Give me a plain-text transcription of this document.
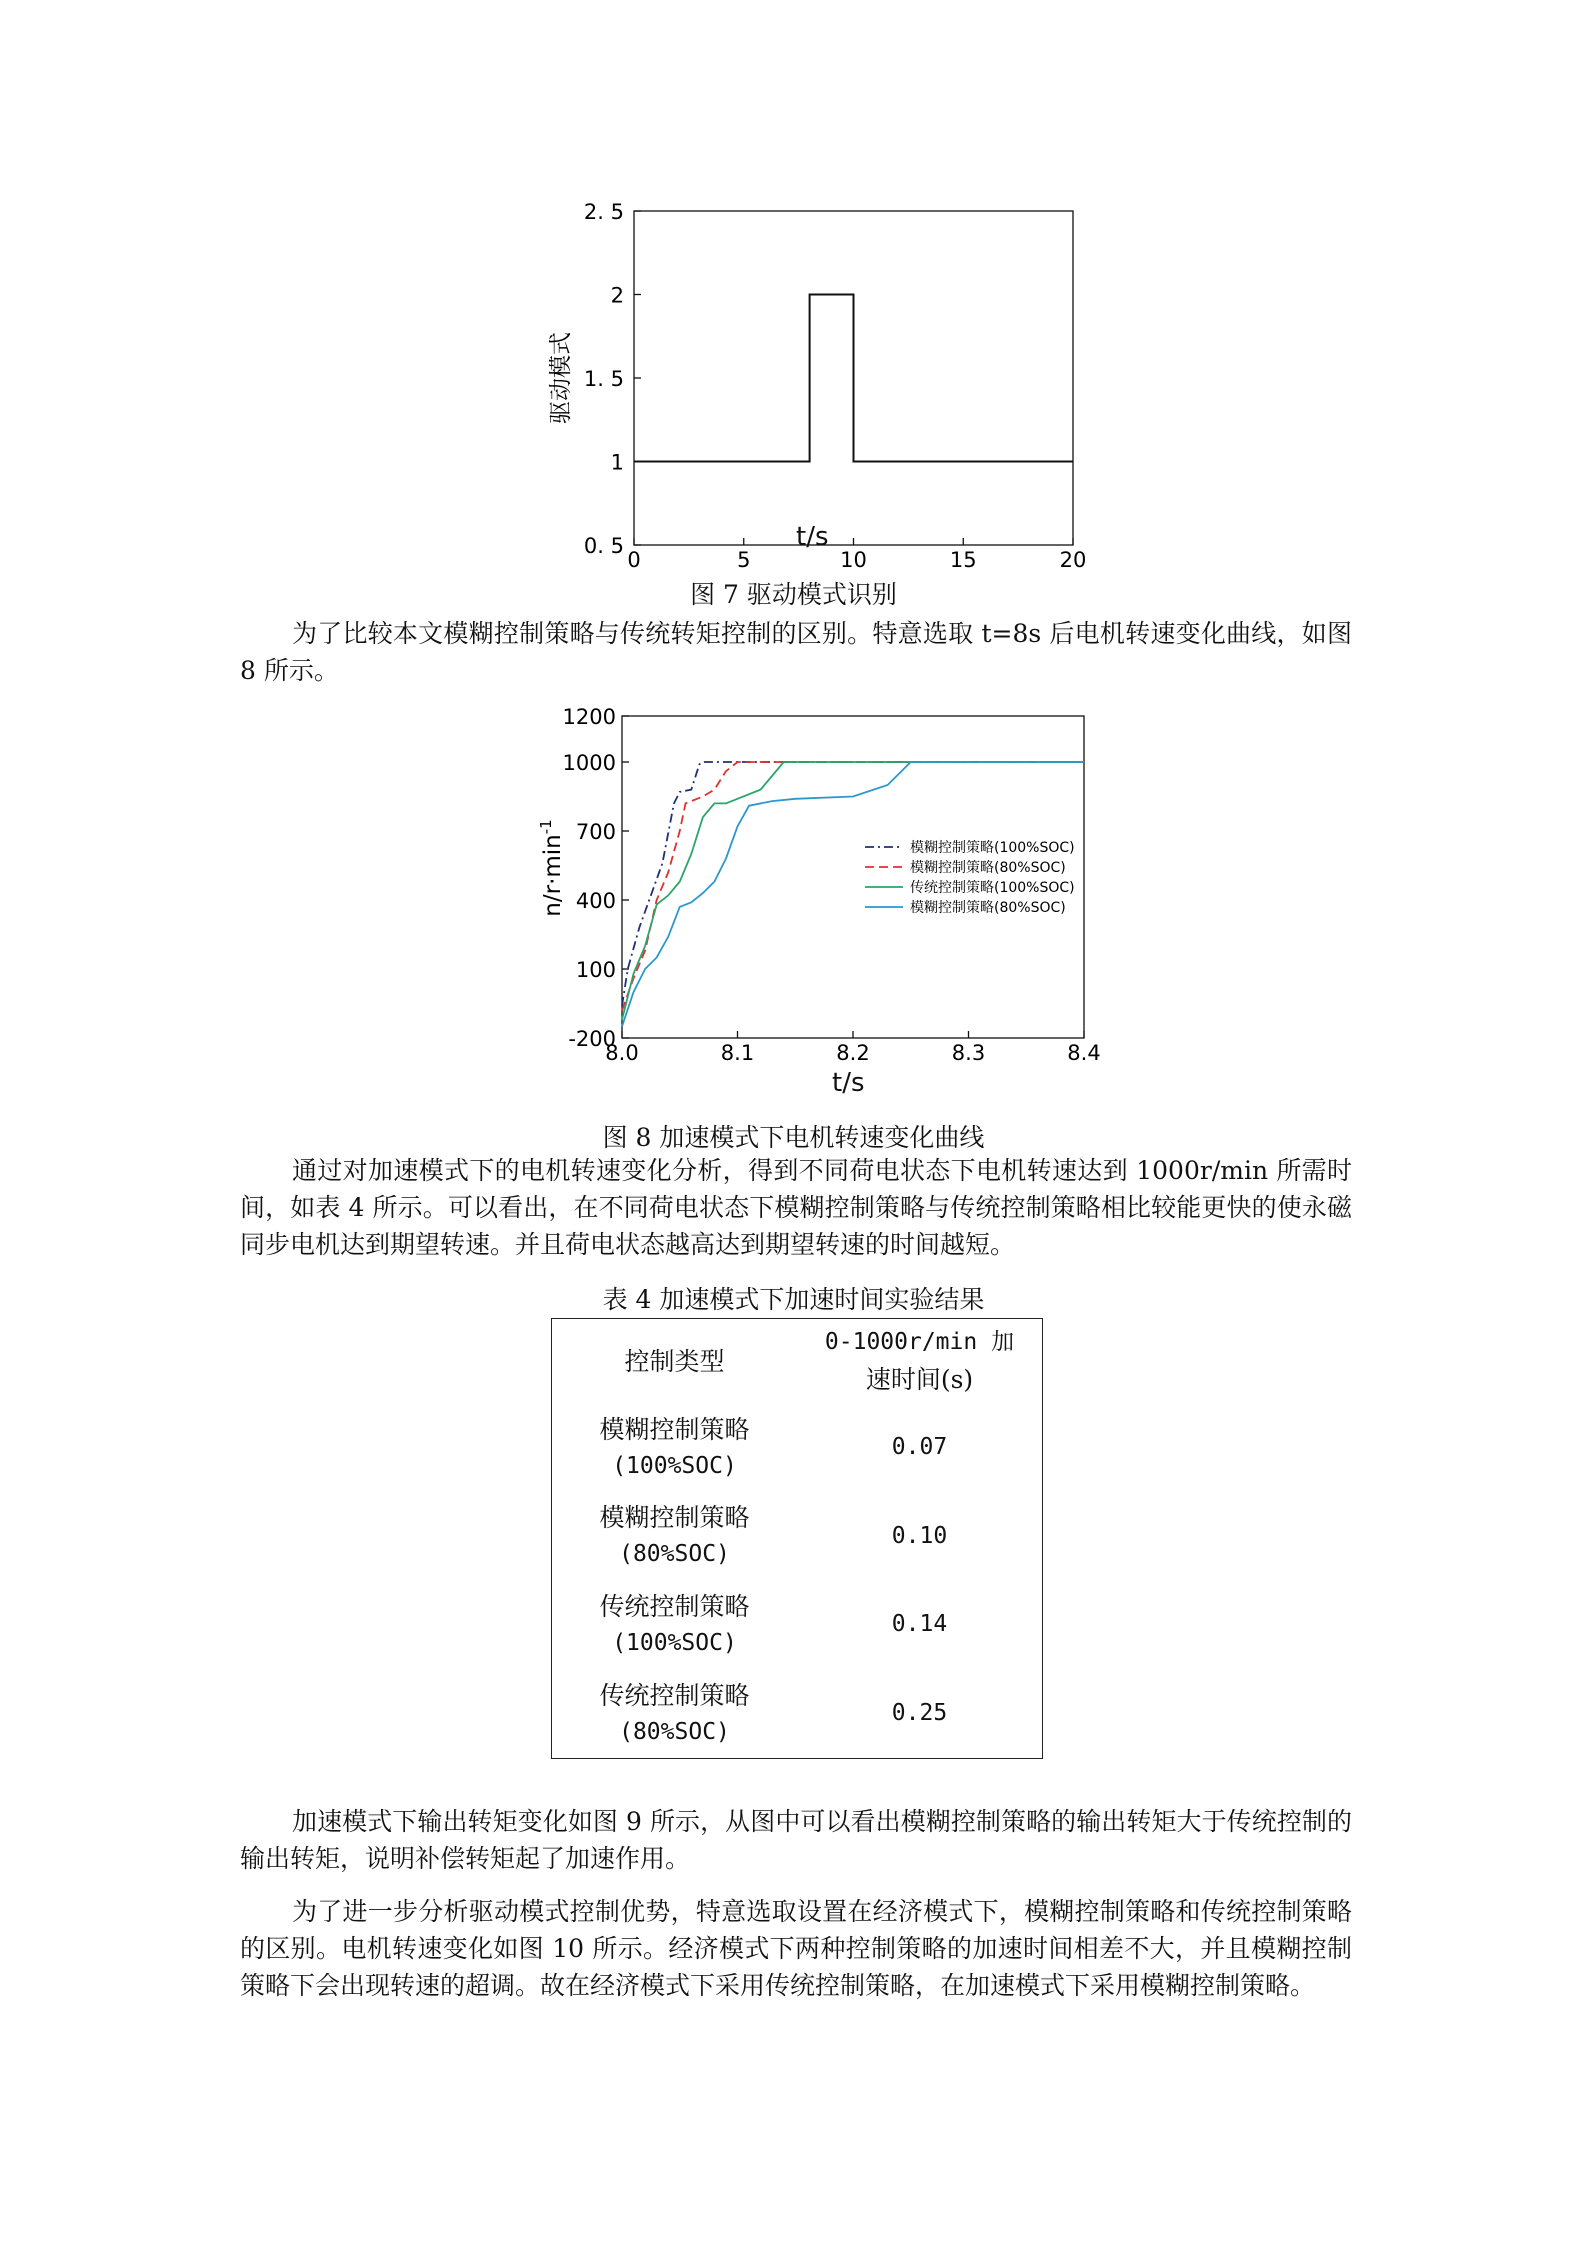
2. 5
2
1. 5
1
0. 5
0	5	10	15	20
驱动模式
t/s
图 7 驱动模式识别

为了比较本文模糊控制策略与传统转矩控制的区别。特意选取 t=8s 后电机转速变化曲线，如图 8 所示。

1200
1000
700
400
100
-200
8.0	8.1	8.2	8.3	8.4
模糊控制策略(100%SOC)
模糊控制策略(80%SOC)
传统控制策略(100%SOC)
模糊控制策略(80%SOC)
$n/r\cdot\min^{-1}$
t/s
图 8 加速模式下电机转速变化曲线

通过对加速模式下的电机转速变化分析，得到不同荷电状态下电机转速达到 1000r/min 所需时间，如表 4 所示。可以看出，在不同荷电状态下模糊控制策略与传统控制策略相比较能更快的使永磁同步电机达到期望转速。并且荷电状态越高达到期望转速的时间越短。

表 4 加速模式下加速时间实验结果
控制类型	0-1000r/min 加
速时间(s)

模糊控制策略
(100%SOC)	0.07

模糊控制策略
(80%SOC)	0.10

传统控制策略
(100%SOC)	0.14

传统控制策略
(80%SOC)	0.25

加速模式下输出转矩变化如图 9 所示，从图中可以看出模糊控制策略的输出转矩大于传统控制的输出转矩，说明补偿转矩起了加速作用。

为了进一步分析驱动模式控制优势，特意选取设置在经济模式下，模糊控制策略和传统控制策略的区别。电机转速变化如图 10 所示。经济模式下两种控制策略的加速时间相差不大，并且模糊控制策略下会出现转速的超调。故在经济模式下采用传统控制策略，在加速模式下采用模糊控制策略。
